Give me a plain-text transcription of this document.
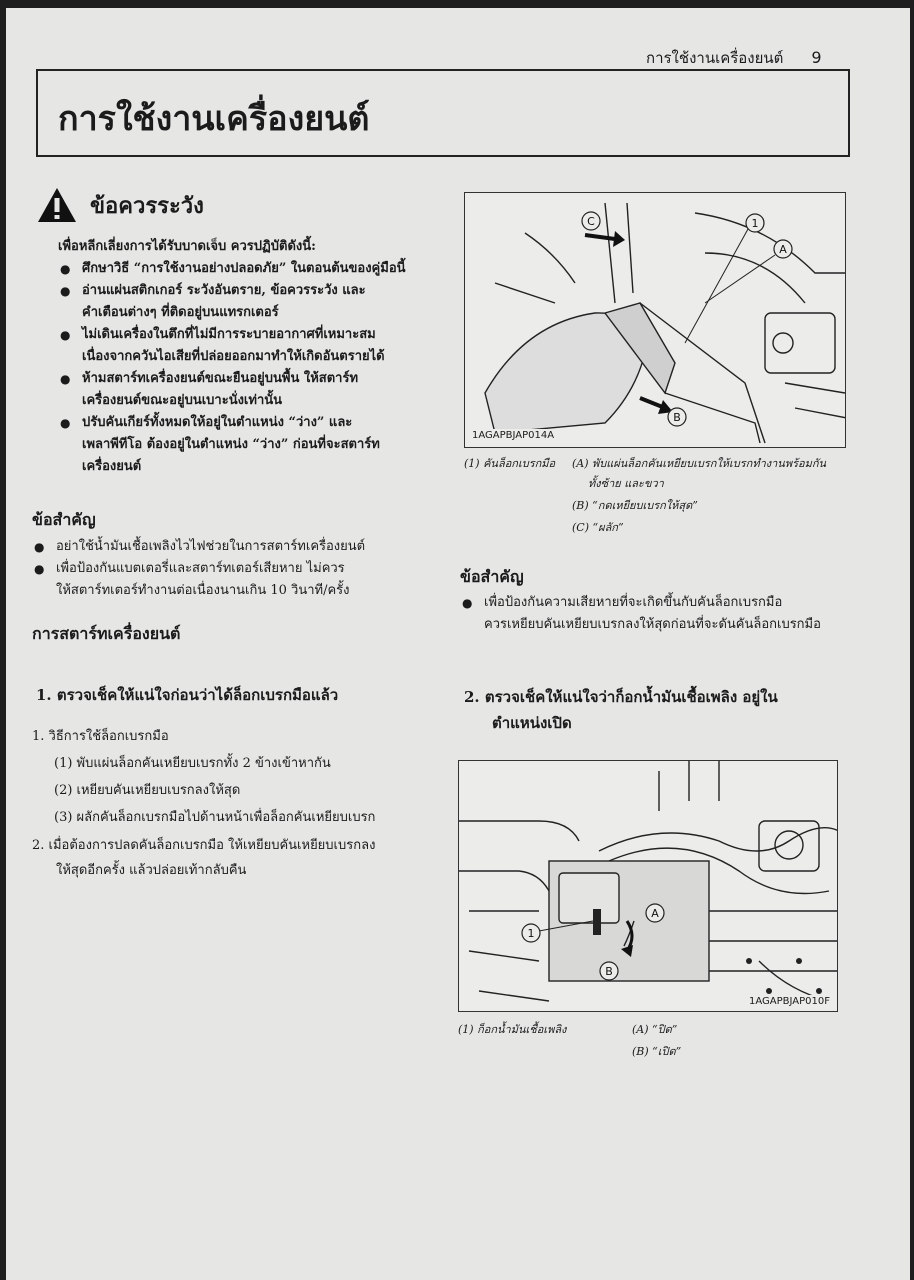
การใช้งานเครื่องยนต์ 9
การใช้งานเครื่องยนต์
ข้อควรระวัง
เพื่อหลีกเลี่ยงการได้รับบาดเจ็บ ควรปฏิบัติดังนี้:
● ศึกษาวิธี “การใช้งานอย่างปลอดภัย” ในตอนต้นของคู่มือนี้
● อ่านแผ่นสติกเกอร์ ระวังอันตราย, ข้อควรระวัง และ
คำเตือนต่างๆ ที่ติดอยู่บนแทรกเตอร์
● ไม่เดินเครื่องในตึกที่ไม่มีการระบายอากาศที่เหมาะสม
เนื่องจากควันไอเสียที่ปล่อยออกมาทำให้เกิดอันตรายได้
● ห้ามสตาร์ทเครื่องยนต์ขณะยืนอยู่บนพื้น ให้สตาร์ท
เครื่องยนต์ขณะอยู่บนเบาะนั่งเท่านั้น
● ปรับคันเกียร์ทั้งหมดให้อยู่ในตำแหน่ง “ว่าง” และ
เพลาพีทีโอ ต้องอยู่ในตำแหน่ง “ว่าง” ก่อนที่จะสตาร์ท
เครื่องยนต์
ข้อสำคัญ
● อย่าใช้น้ำมันเชื้อเพลิงไวไฟช่วยในการสตาร์ทเครื่องยนต์
● เพื่อป้องกันแบตเตอรี่และสตาร์ทเตอร์เสียหาย ไม่ควร
ให้สตาร์ทเตอร์ทำงานต่อเนื่องนานเกิน 10 วินาที/ครั้ง
การสตาร์ทเครื่องยนต์
1. ตรวจเช็คให้แน่ใจก่อนว่าได้ล็อกเบรกมือแล้ว
1. วิธีการใช้ล็อกเบรกมือ
(1) พับแผ่นล็อกคันเหยียบเบรกทั้ง 2 ข้างเข้าหากัน
(2) เหยียบคันเหยียบเบรกลงให้สุด
(3) ผลักคันล็อกเบรกมือไปด้านหน้าเพื่อล็อกคันเหยียบเบรก
2. เมื่อต้องการปลดคันล็อกเบรกมือ ให้เหยียบคันเหยียบเบรกลง
ให้สุดอีกครั้ง แล้วปล่อยเท้ากลับคืน
1
A
C
B
1AGAPBJAP014A
(1) คันล็อกเบรกมือ (A) พับแผ่นล็อกคันเหยียบเบรกให้เบรกทำงานพร้อมกัน
ทั้งซ้าย และขวา
(B) “กดเหยียบเบรกให้สุด”
(C) “ผลัก”
ข้อสำคัญ
● เพื่อป้องกันความเสียหายที่จะเกิดขึ้นกับคันล็อกเบรกมือ
ควรเหยียบคันเหยียบเบรกลงให้สุดก่อนที่จะดันคันล็อกเบรกมือ
2. ตรวจเช็คให้แน่ใจว่าก็อกน้ำมันเชื้อเพลิง อยู่ใน
ตำแหน่งเปิด
1
A
B
1AGAPBJAP010F
(1) ก็อกน้ำมันเชื้อเพลิง	(A) “ปิด”
(B) “เปิด”
